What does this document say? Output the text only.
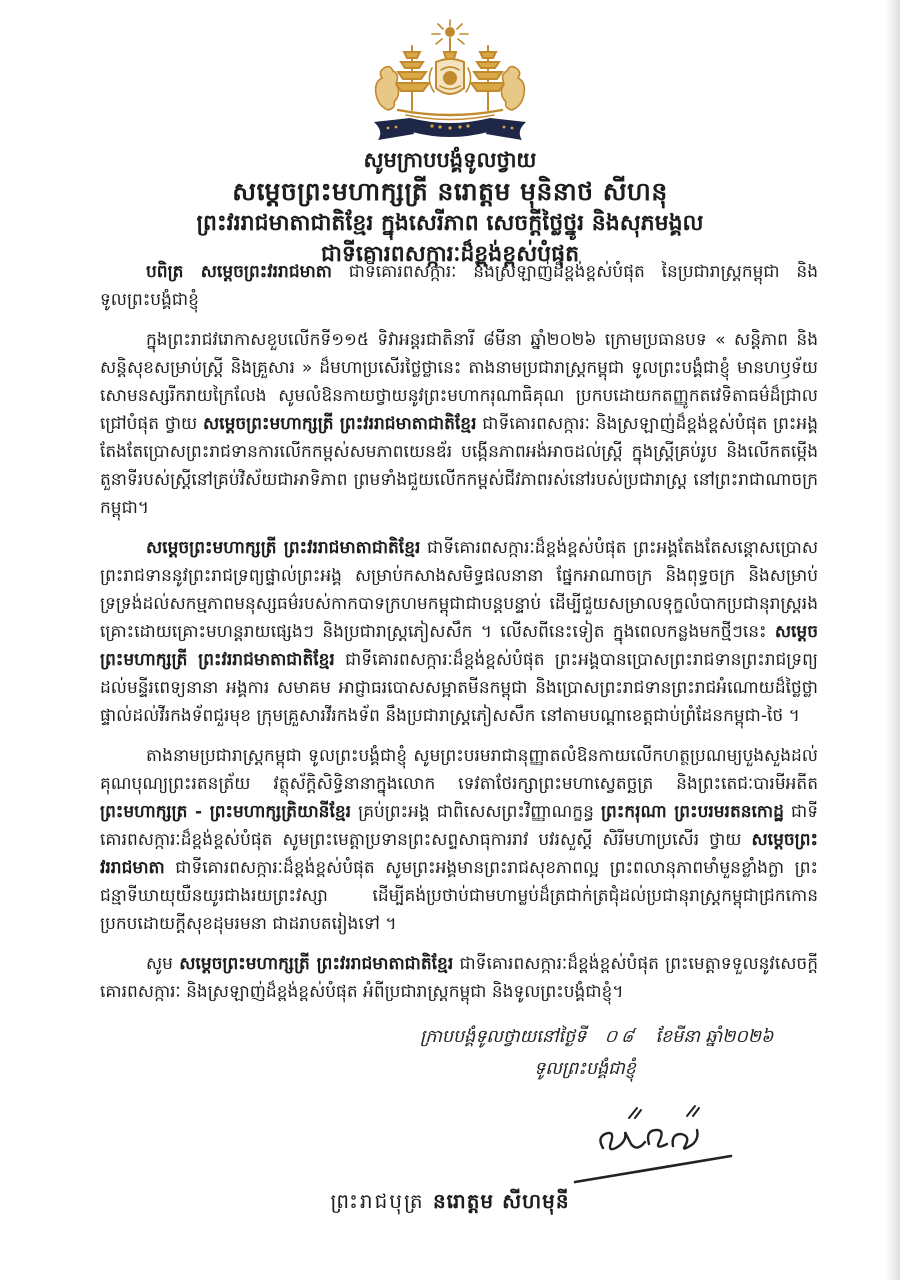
សូមក្រាបបង្គំទូលថ្វាយ
សម្តេចព្រះមហាក្សត្រី នរោត្តម មុនិនាថ សីហនុ
ព្រះវររាជមាតាជាតិខ្មែរ ក្នុងសេរីភាព សេចក្តីថ្លៃថ្នូរ និងសុភមង្គល
ជាទីគោរពសក្ការៈដ៏ខ្ពង់ខ្ពស់បំផុត

បពិត្រ សម្តេចព្រះវររាជមាតា ជាទីគោរពសក្ការៈ និងស្រឡាញ់ដ៏ខ្ពង់ខ្ពស់បំផុត នៃប្រជារាស្រ្តកម្ពុជា និងទូលព្រះបង្គំជាខ្ញុំ

ក្នុងព្រះរាជវរោកាសខួបលើកទី១១៥ ទិវាអន្តរជាតិនារី ៨មីនា ឆ្នាំ២០២៦ ក្រោមប្រធានបទ « សន្តិភាព និងសន្តិសុខសម្រាប់ស្ត្រី និងគ្រួសារ » ដ៏មហាប្រសើរថ្លៃថ្លានេះ តាងនាមប្រជារាស្ត្រកម្ពុជា ទូលព្រះបង្គំជាខ្ញុំ មានហឫទ័យសោមនស្សរីករាយក្រៃលែង សូមលំឱនកាយថ្វាយនូវព្រះមហាករុណាធិគុណ ប្រកបដោយកតញ្ញូកតវេទិតាធម៌ដ៏ជ្រាលជ្រៅបំផុត ថ្វាយ សម្តេចព្រះមហាក្សត្រី ព្រះវររាជមាតាជាតិខ្មែរ ជាទីគោរពសក្ការៈ និងស្រឡាញ់ដ៏ខ្ពង់ខ្ពស់បំផុត ព្រះអង្គតែងតែប្រោសព្រះរាជទានការលើកកម្ពស់សមភាពយេនឌ័រ បង្កើនភាពអង់អាចដល់ស្ត្រី ក្នុងស្ត្រីគ្រប់រូប និងលើកតម្កើងតួនាទីរបស់ស្ត្រីនៅគ្រប់វិស័យជាអាទិភាព ព្រមទាំងជួយលើកកម្ពស់ជីវភាពរស់នៅរបស់ប្រជារាស្ត្រ នៅព្រះរាជាណាចក្រកម្ពុជា។

សម្តេចព្រះមហាក្សត្រី ព្រះវររាជមាតាជាតិខ្មែរ ជាទីគោរពសក្ការៈដ៏ខ្ពង់ខ្ពស់បំផុត ព្រះអង្គតែងតែសន្តោសប្រោសព្រះរាជទាននូវព្រះរាជទ្រព្យផ្ទាល់ព្រះអង្គ សម្រាប់កសាងសមិទ្ធផលនានា ផ្នែកអាណាចក្រ និងពុទ្ធចក្រ និងសម្រាប់ទ្រទ្រង់ដល់សកម្មភាពមនុស្សធម៌របស់កាកបាទក្រហមកម្ពុជាជាបន្តបន្ទាប់ ដើម្បីជួយសម្រាលទុក្ខលំបាកប្រជានុរាស្ត្ររងគ្រោះដោយគ្រោះមហន្តរាយផ្សេងៗ និងប្រជារាស្ត្រភៀសសឹក ។ លើសពីនេះទៀត ក្នុងពេលកន្លងមកថ្មីៗនេះ សម្តេចព្រះមហាក្សត្រី ព្រះវររាជមាតាជាតិខ្មែរ ជាទីគោរពសក្ការៈដ៏ខ្ពង់ខ្ពស់បំផុត ព្រះអង្គបានប្រោសព្រះរាជទានព្រះរាជទ្រព្យដល់មន្ទីរពេទ្យនានា អង្គការ សមាគម អាជ្ញាធរបោសសម្អាតមីនកម្ពុជា និងប្រោសព្រះរាជទានព្រះរាជអំណោយដ៏ថ្លៃថ្លាផ្ទាល់ដល់វីរកងទ័ពជួរមុខ ក្រុមគ្រួសារវីរកងទ័ព នឹងប្រជារាស្ត្រភៀសសឹក នៅតាមបណ្តាខេត្តជាប់ព្រំដែនកម្ពុជា-ថៃ ។

តាងនាមប្រជារាស្ត្រកម្ពុជា ទូលព្រះបង្គំជាខ្ញុំ សូមព្រះបរមរាជានុញ្ញាតលំឱនកាយលើកហត្ថប្រណម្យបួងសួងដល់គុណបុណ្យព្រះរតនត្រ័យ វត្ថុស័ក្តិសិទ្ធិនានាក្នុងលោក ទេវតាថែរក្សាព្រះមហាស្វេតច្ឆត្រ និងព្រះតេជៈបារមីអតីត ព្រះមហាក្សត្រ - ព្រះមហាក្សត្រិយានីខ្មែរ គ្រប់ព្រះអង្គ ជាពិសេសព្រះវិញ្ញាណក្ខន្ធ ព្រះករុណា ព្រះបរមរតនកោដ្ឋ ជាទីគោរពសក្ការៈដ៏ខ្ពង់ខ្ពស់បំផុត សូមព្រះមេត្តាប្រទានព្រះសព្ទសាធុការរាវ បវរសួស្តី សិរីមហាប្រសើរ ថ្វាយ សម្តេចព្រះវររាជមាតា ជាទីគោរពសក្ការៈដ៏ខ្ពង់ខ្ពស់បំផុត សូមព្រះអង្គមានព្រះរាជសុខភាពល្អ ព្រះពលានុភាពមាំមួនខ្លាំងក្លា ព្រះជន្មាទីឃាយុយឺនយូរជាងរយព្រះវស្សា ដើម្បីគង់ប្រថាប់ជាមហាម្លប់ដ៏ត្រជាក់ត្រជុំដល់ប្រជានុរាស្ត្រកម្ពុជាជ្រកកោន ប្រកបដោយក្តីសុខដុមរមនា ជាដរាបតរៀងទៅ ។

សូម សម្តេចព្រះមហាក្សត្រី ព្រះវររាជមាតាជាតិខ្មែរ ជាទីគោរពសក្ការៈដ៏ខ្ពង់ខ្ពស់បំផុត ព្រះមេត្តាទទួលនូវសេចក្តីគោរពសក្ការៈ និងស្រឡាញ់ដ៏ខ្ពង់ខ្ពស់បំផុត អំពីប្រជារាស្ត្រកម្ពុជា និងទូលព្រះបង្គំជាខ្ញុំ។

ក្រាបបង្គំទូលថ្វាយនៅថ្ងៃទី ០៨ ខែមីនា ឆ្នាំ២០២៦
ទូលព្រះបង្គំជាខ្ញុំ
ព្រះរាជបុត្រ នរោត្តម សីហមុនី
